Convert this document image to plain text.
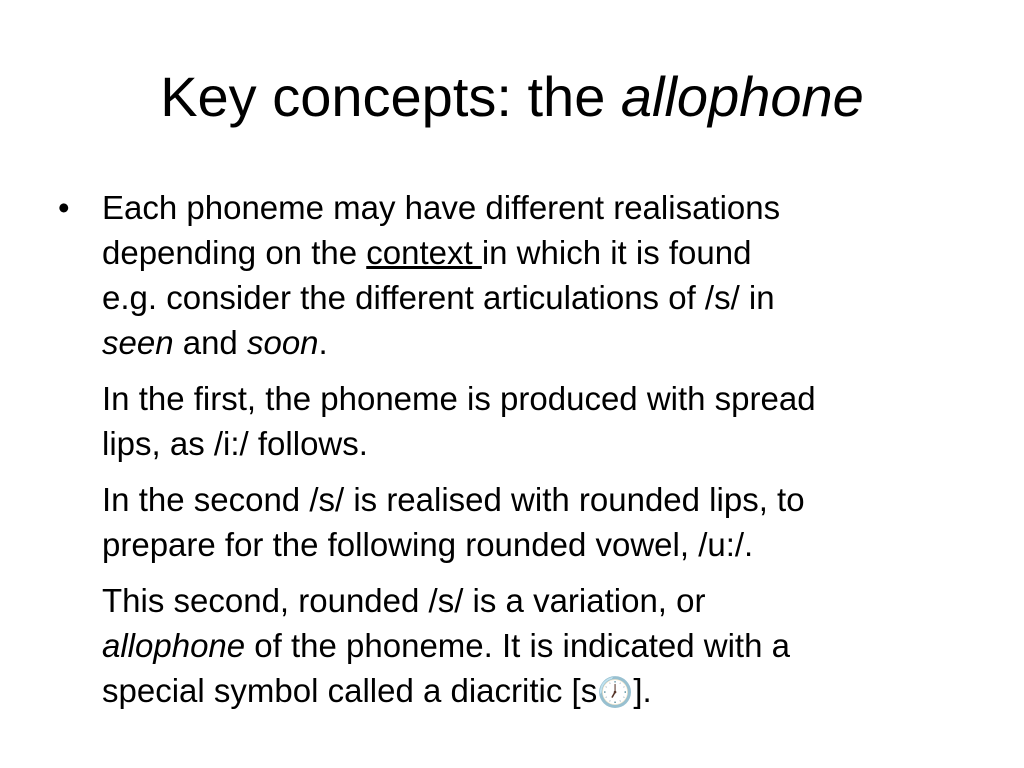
Key concepts: the allophone
• Each phoneme may have different realisations
depending on the context in which it is found
e.g. consider the different articulations of /s/ in
seen and soon.
In the first, the phoneme is produced with spread
lips, as /i:/ follows.
In the second /s/ is realised with rounded lips, to
prepare for the following rounded vowel, /u:/.
This second, rounded /s/ is a variation, or
allophone of the phoneme. It is indicated with a
special symbol called a diacritic [s🕖].
